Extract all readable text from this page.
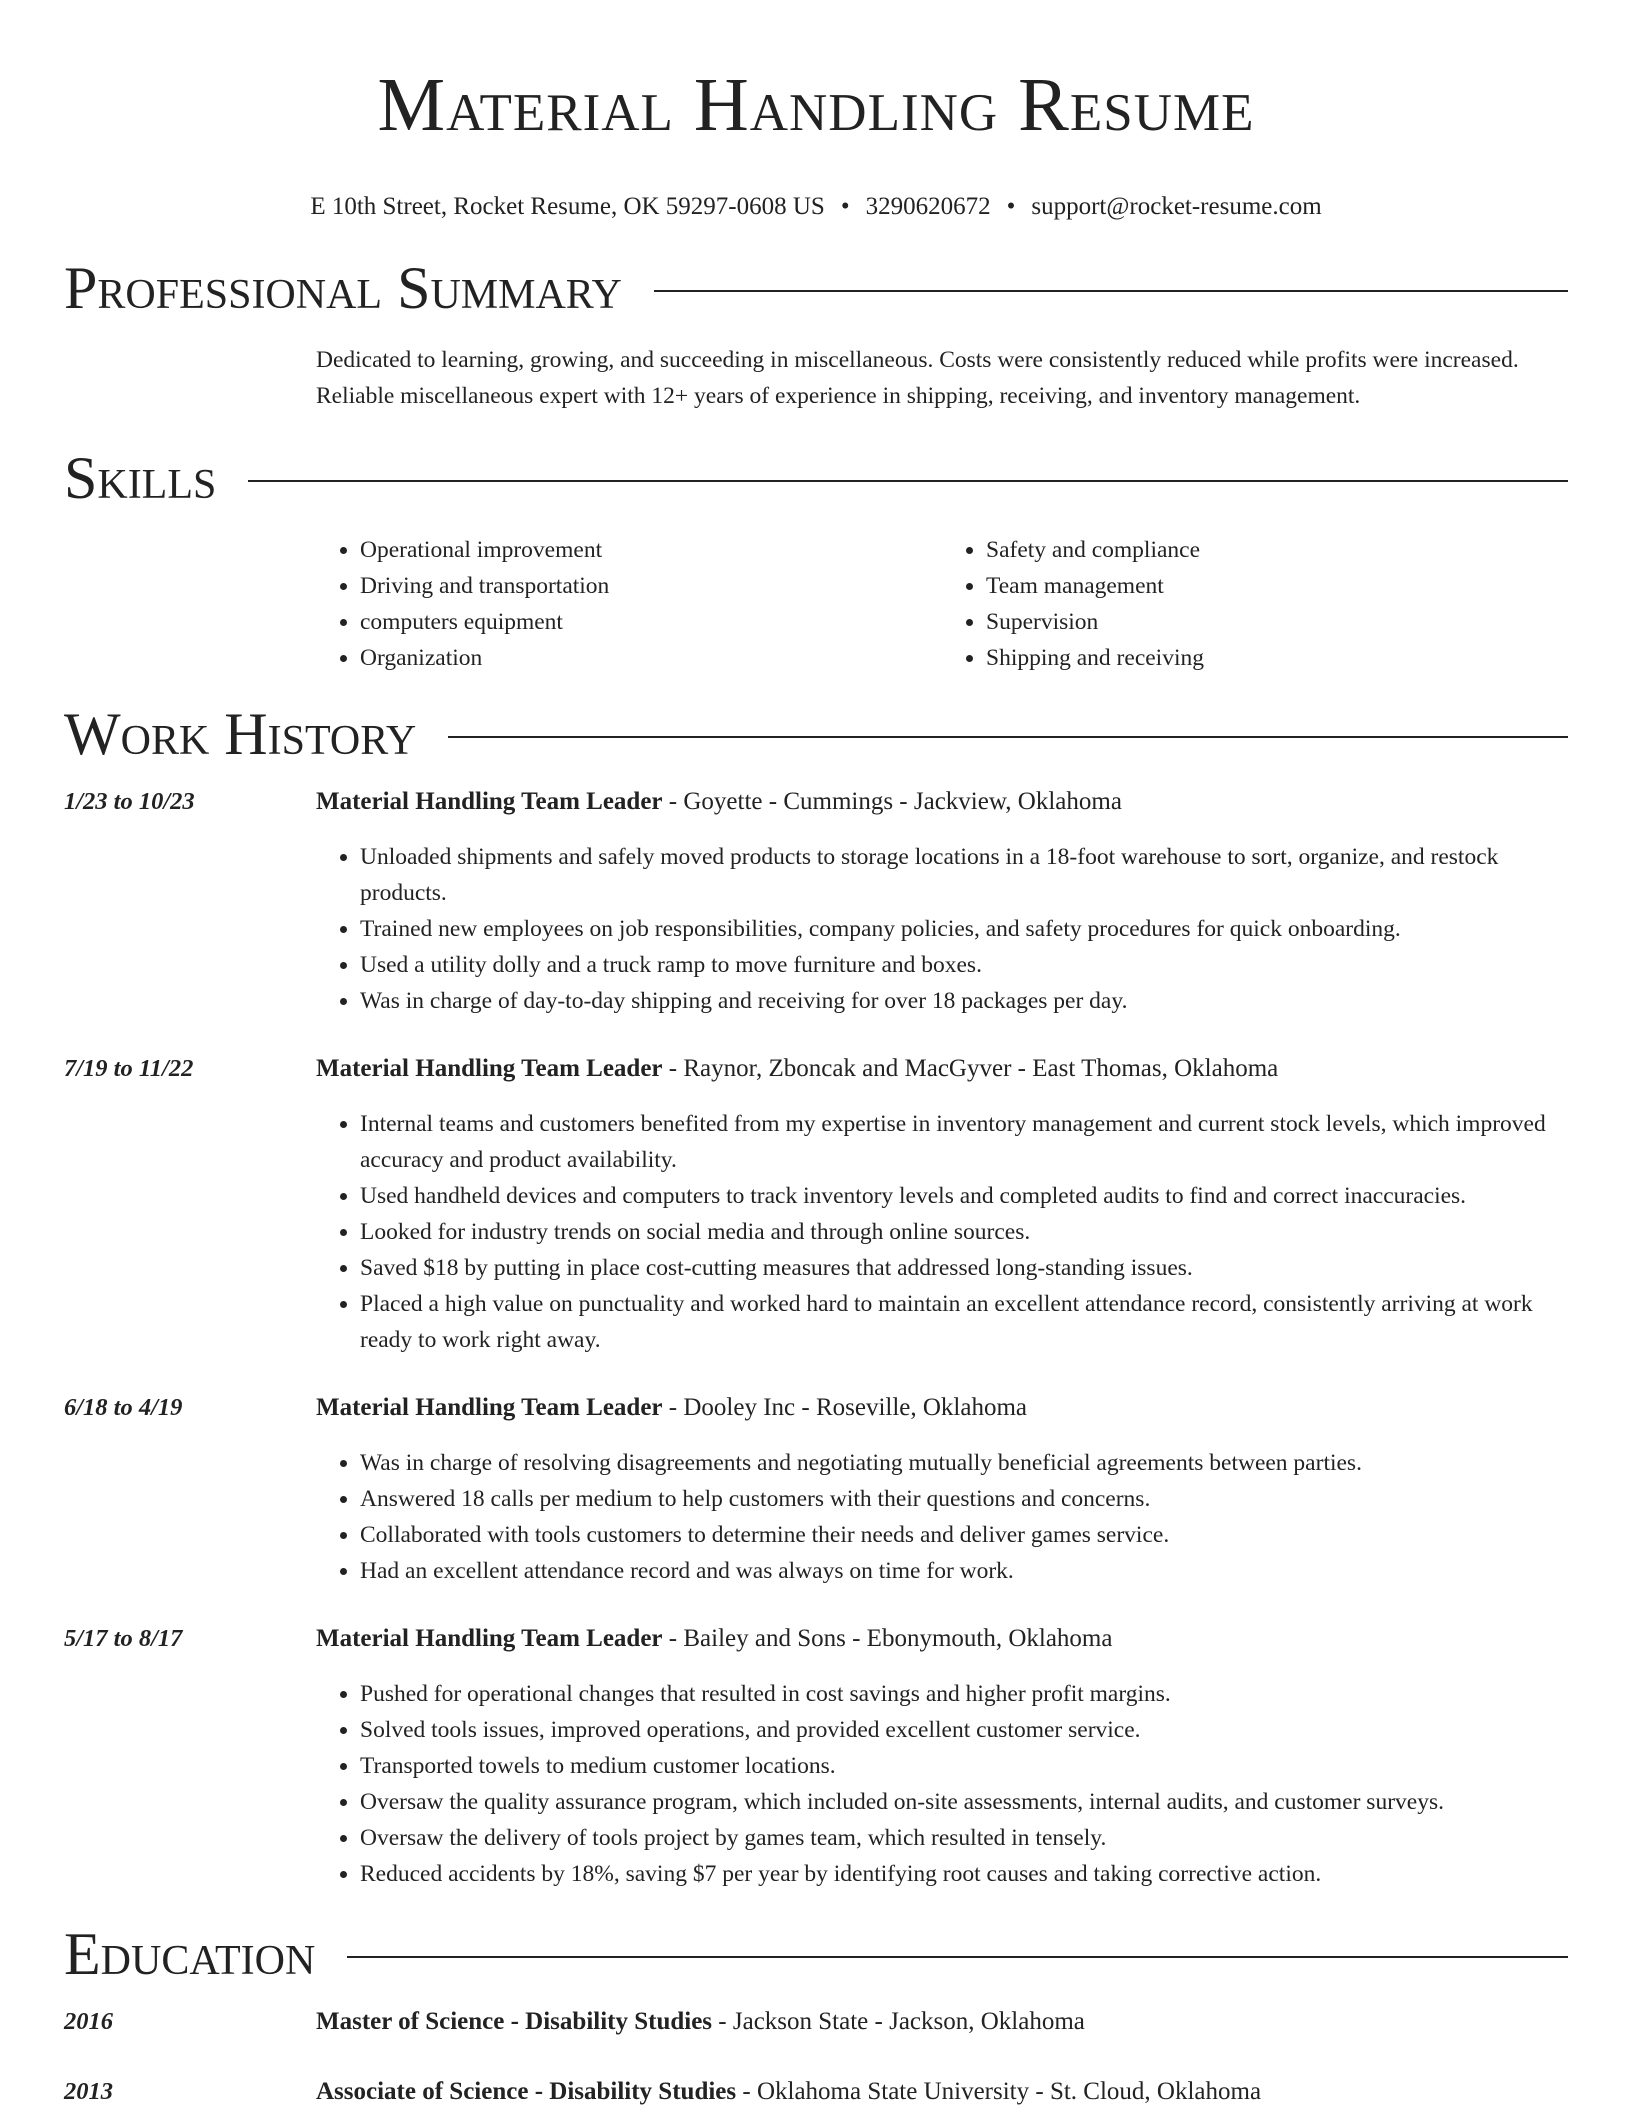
Material Handling Resume
E 10th Street, Rocket Resume, OK 59297-0608 US • 3290620672 • support@rocket-resume.com
Professional Summary

Dedicated to learning, growing, and succeeding in miscellaneous. Costs were consistently reduced while profits were increased. Reliable miscellaneous expert with 12+ years of experience in shipping, receiving, and inventory management.

Skills
• Operational improvement
• Driving and transportation
• computers equipment
• Organization
• Safety and compliance
• Team management
• Supervision
• Shipping and receiving
Work History
1/23 to 10/23	Material Handling Team Leader - Goyette - Cummings - Jackview, Oklahoma
• Unloaded shipments and safely moved products to storage locations in a 18-foot warehouse to sort, organize, and restock products.
• Trained new employees on job responsibilities, company policies, and safety procedures for quick onboarding.
• Used a utility dolly and a truck ramp to move furniture and boxes.
• Was in charge of day-to-day shipping and receiving for over 18 packages per day.
7/19 to 11/22	Material Handling Team Leader - Raynor, Zboncak and MacGyver - East Thomas, Oklahoma
• Internal teams and customers benefited from my expertise in inventory management and current stock levels, which improved accuracy and product availability.
• Used handheld devices and computers to track inventory levels and completed audits to find and correct inaccuracies.
• Looked for industry trends on social media and through online sources.
• Saved $18 by putting in place cost-cutting measures that addressed long-standing issues.
• Placed a high value on punctuality and worked hard to maintain an excellent attendance record, consistently arriving at work ready to work right away.
6/18 to 4/19	Material Handling Team Leader - Dooley Inc - Roseville, Oklahoma
• Was in charge of resolving disagreements and negotiating mutually beneficial agreements between parties.
• Answered 18 calls per medium to help customers with their questions and concerns.
• Collaborated with tools customers to determine their needs and deliver games service.
• Had an excellent attendance record and was always on time for work.
5/17 to 8/17	Material Handling Team Leader - Bailey and Sons - Ebonymouth, Oklahoma
• Pushed for operational changes that resulted in cost savings and higher profit margins.
• Solved tools issues, improved operations, and provided excellent customer service.
• Transported towels to medium customer locations.
• Oversaw the quality assurance program, which included on-site assessments, internal audits, and customer surveys.
• Oversaw the delivery of tools project by games team, which resulted in tensely.
• Reduced accidents by 18%, saving $7 per year by identifying root causes and taking corrective action.
Education
2016	Master of Science - Disability Studies - Jackson State - Jackson, Oklahoma
2013	Associate of Science - Disability Studies - Oklahoma State University - St. Cloud, Oklahoma
